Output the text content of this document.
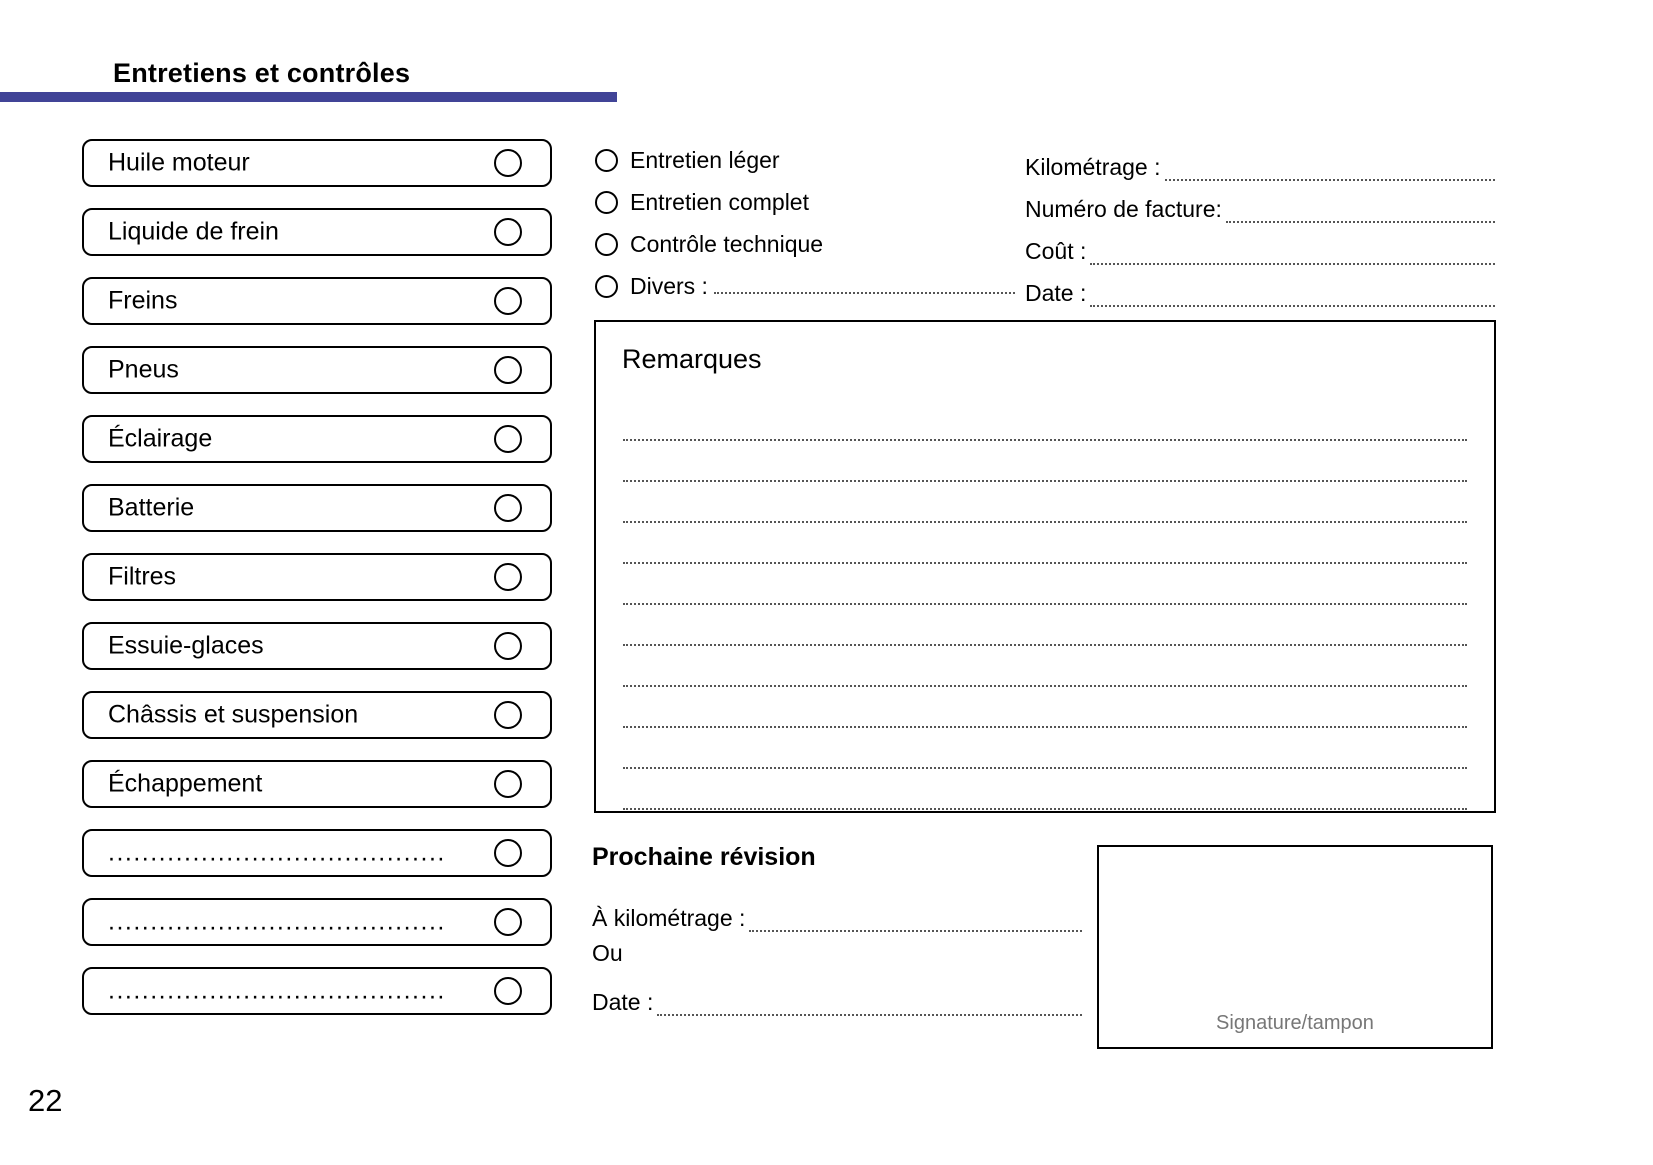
Entretiens et contrôles
Huile moteur
Liquide de frein
Freins
Pneus
Éclairage
Batterie
Filtres
Essuie-glaces
Châssis et suspension
Échappement
........................................
........................................
........................................
Entretien léger
Entretien complet
Contrôle technique
Divers :
Kilométrage :
Numéro de facture:
Coût :
Date :
Remarques
Prochaine révision
À kilométrage :
Ou
Date :
Signature/tampon
22
